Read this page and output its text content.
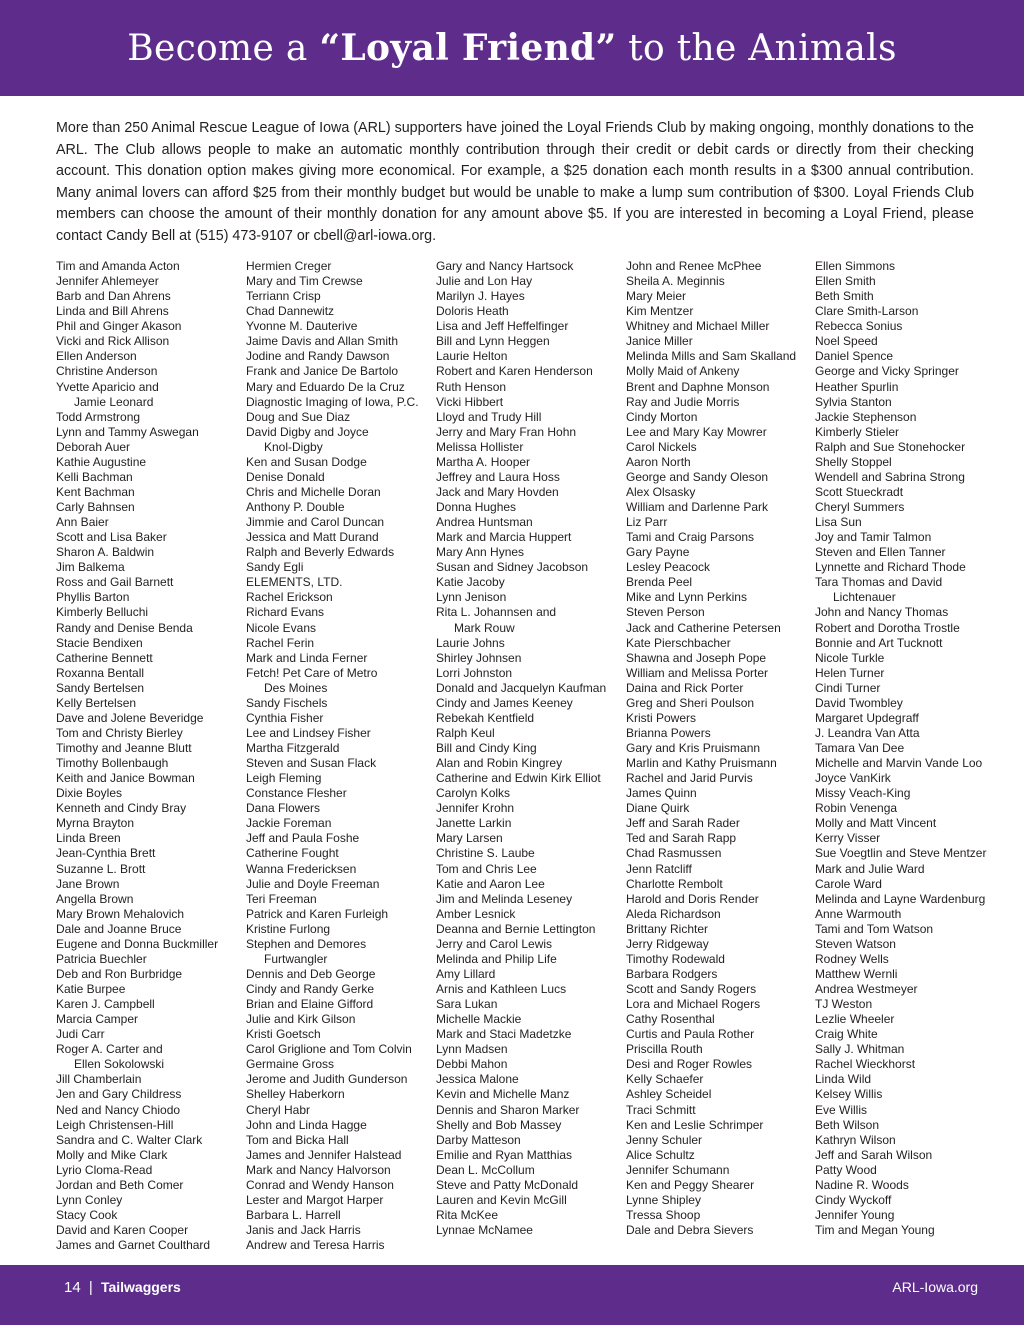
Become a “Loyal Friend” to the Animals
More than 250 Animal Rescue League of Iowa (ARL) supporters have joined the Loyal Friends Club by making ongoing, monthly donations to the ARL. The Club allows people to make an automatic monthly contribution through their credit or debit cards or directly from their checking account. This donation option makes giving more economical. For example, a $25 donation each month results in a $300 annual contribution. Many animal lovers can afford $25 from their monthly budget but would be unable to make a lump sum contribution of $300. Loyal Friends Club members can choose the amount of their monthly donation for any amount above $5. If you are interested in becoming a Loyal Friend, please contact Candy Bell at (515) 473-9107 or cbell@arl-iowa.org.
Tim and Amanda Acton
Jennifer Ahlemeyer
Barb and Dan Ahrens
Linda and Bill Ahrens
Phil and Ginger Akason
Vicki and Rick Allison
Ellen Anderson
Christine Anderson
Yvette Aparicio and
Jamie Leonard
Todd Armstrong
Lynn and Tammy Aswegan
Deborah Auer
Kathie Augustine
Kelli Bachman
Kent Bachman
Carly Bahnsen
Ann Baier
Scott and Lisa Baker
Sharon A. Baldwin
Jim Balkema
Ross and Gail Barnett
Phyllis Barton
Kimberly Belluchi
Randy and Denise Benda
Stacie Bendixen
Catherine Bennett
Roxanna Bentall
Sandy Bertelsen
Kelly Bertelsen
Dave and Jolene Beveridge
Tom and Christy Bierley
Timothy and Jeanne Blutt
Timothy Bollenbaugh
Keith and Janice Bowman
Dixie Boyles
Kenneth and Cindy Bray
Myrna Brayton
Linda Breen
Jean-Cynthia Brett
Suzanne L. Brott
Jane Brown
Angella Brown
Mary Brown Mehalovich
Dale and Joanne Bruce
Eugene and Donna Buckmiller
Patricia Buechler
Deb and Ron Burbridge
Katie Burpee
Karen J. Campbell
Marcia Camper
Judi Carr
Roger A. Carter and
Ellen Sokolowski
Jill Chamberlain
Jen and Gary Childress
Ned and Nancy Chiodo
Leigh Christensen-Hill
Sandra and C. Walter Clark
Molly and Mike Clark
Lyrio Cloma-Read
Jordan and Beth Comer
Lynn Conley
Stacy Cook
David and Karen Cooper
James and Garnet Coulthard
Hermien Creger
Mary and Tim Crewse
Terriann Crisp
Chad Dannewitz
Yvonne M. Dauterive
Jaime Davis and Allan Smith
Jodine and Randy Dawson
Frank and Janice De Bartolo
Mary and Eduardo De la Cruz
Diagnostic Imaging of Iowa, P.C.
Doug and Sue Diaz
David Digby and Joyce
Knol-Digby
Ken and Susan Dodge
Denise Donald
Chris and Michelle Doran
Anthony P. Double
Jimmie and Carol Duncan
Jessica and Matt Durand
Ralph and Beverly Edwards
Sandy Egli
ELEMENTS, LTD.
Rachel Erickson
Richard Evans
Nicole Evans
Rachel Ferin
Mark and Linda Ferner
Fetch! Pet Care of Metro
Des Moines
Sandy Fischels
Cynthia Fisher
Lee and Lindsey Fisher
Martha Fitzgerald
Steven and Susan Flack
Leigh Fleming
Constance Flesher
Dana Flowers
Jackie Foreman
Jeff and Paula Foshe
Catherine Fought
Wanna Fredericksen
Julie and Doyle Freeman
Teri Freeman
Patrick and Karen Furleigh
Kristine Furlong
Stephen and Demores
Furtwangler
Dennis and Deb George
Cindy and Randy Gerke
Brian and Elaine Gifford
Julie and Kirk Gilson
Kristi Goetsch
Carol Griglione and Tom Colvin
Germaine Gross
Jerome and Judith Gunderson
Shelley Haberkorn
Cheryl Habr
John and Linda Hagge
Tom and Bicka Hall
James and Jennifer Halstead
Mark and Nancy Halvorson
Conrad and Wendy Hanson
Lester and Margot Harper
Barbara L. Harrell
Janis and Jack Harris
Andrew and Teresa Harris
Gary and Nancy Hartsock
Julie and Lon Hay
Marilyn J. Hayes
Doloris Heath
Lisa and Jeff Heffelfinger
Bill and Lynn Heggen
Laurie Helton
Robert and Karen Henderson
Ruth Henson
Vicki Hibbert
Lloyd and Trudy Hill
Jerry and Mary Fran Hohn
Melissa Hollister
Martha A. Hooper
Jeffrey and Laura Hoss
Jack and Mary Hovden
Donna Hughes
Andrea Huntsman
Mark and Marcia Huppert
Mary Ann Hynes
Susan and Sidney Jacobson
Katie Jacoby
Lynn Jenison
Rita L. Johannsen and
Mark Rouw
Laurie Johns
Shirley Johnsen
Lorri Johnston
Donald and Jacquelyn Kaufman
Cindy and James Keeney
Rebekah Kentfield
Ralph Keul
Bill and Cindy King
Alan and Robin Kingrey
Catherine and Edwin Kirk Elliot
Carolyn Kolks
Jennifer Krohn
Janette Larkin
Mary Larsen
Christine S. Laube
Tom and Chris Lee
Katie and Aaron Lee
Jim and Melinda Leseney
Amber Lesnick
Deanna and Bernie Lettington
Jerry and Carol Lewis
Melinda and Philip Life
Amy Lillard
Arnis and Kathleen Lucs
Sara Lukan
Michelle Mackie
Mark and Staci Madetzke
Lynn Madsen
Debbi Mahon
Jessica Malone
Kevin and Michelle Manz
Dennis and Sharon Marker
Shelly and Bob Massey
Darby Matteson
Emilie and Ryan Matthias
Dean L. McCollum
Steve and Patty McDonald
Lauren and Kevin McGill
Rita McKee
Lynnae McNamee
John and Renee McPhee
Sheila A. Meginnis
Mary Meier
Kim Mentzer
Whitney and Michael Miller
Janice Miller
Melinda Mills and Sam Skalland
Molly Maid of Ankeny
Brent and Daphne Monson
Ray and Judie Morris
Cindy Morton
Lee and Mary Kay Mowrer
Carol Nickels
Aaron North
George and Sandy Oleson
Alex Olsasky
William and Darlenne Park
Liz Parr
Tami and Craig Parsons
Gary Payne
Lesley Peacock
Brenda Peel
Mike and Lynn Perkins
Steven Person
Jack and Catherine Petersen
Kate Pierschbacher
Shawna and Joseph Pope
William and Melissa Porter
Daina and Rick Porter
Greg and Sheri Poulson
Kristi Powers
Brianna Powers
Gary and Kris Pruismann
Marlin and Kathy Pruismann
Rachel and Jarid Purvis
James Quinn
Diane Quirk
Jeff and Sarah Rader
Ted and Sarah Rapp
Chad Rasmussen
Jenn Ratcliff
Charlotte Rembolt
Harold and Doris Render
Aleda Richardson
Brittany Richter
Jerry Ridgeway
Timothy Rodewald
Barbara Rodgers
Scott and Sandy Rogers
Lora and Michael Rogers
Cathy Rosenthal
Curtis and Paula Rother
Priscilla Routh
Desi and Roger Rowles
Kelly Schaefer
Ashley Scheidel
Traci Schmitt
Ken and Leslie Schrimper
Jenny Schuler
Alice Schultz
Jennifer Schumann
Ken and Peggy Shearer
Lynne Shipley
Tressa Shoop
Dale and Debra Sievers
Ellen Simmons
Ellen Smith
Beth Smith
Clare Smith-Larson
Rebecca Sonius
Noel Speed
Daniel Spence
George and Vicky Springer
Heather Spurlin
Sylvia Stanton
Jackie Stephenson
Kimberly Stieler
Ralph and Sue Stonehocker
Shelly Stoppel
Wendell and Sabrina Strong
Scott Stueckradt
Cheryl Summers
Lisa Sun
Joy and Tamir Talmon
Steven and Ellen Tanner
Lynnette and Richard Thode
Tara Thomas and David
Lichtenauer
John and Nancy Thomas
Robert and Dorotha Trostle
Bonnie and Art Tucknott
Nicole Turkle
Helen Turner
Cindi Turner
David Twombley
Margaret Updegraff
J. Leandra Van Atta
Tamara Van Dee
Michelle and Marvin Vande Loo
Joyce VanKirk
Missy Veach-King
Robin Venenga
Molly and Matt Vincent
Kerry Visser
Sue Voegtlin and Steve Mentzer
Mark and Julie Ward
Carole Ward
Melinda and Layne Wardenburg
Anne Warmouth
Tami and Tom Watson
Steven Watson
Rodney Wells
Matthew Wernli
Andrea Westmeyer
TJ Weston
Lezlie Wheeler
Craig White
Sally J. Whitman
Rachel Wieckhorst
Linda Wild
Kelsey Willis
Eve Willis
Beth Wilson
Kathryn Wilson
Jeff and Sarah Wilson
Patty Wood
Nadine R. Woods
Cindy Wyckoff
Jennifer Young
Tim and Megan Young
14 | Tailwaggers	ARL-Iowa.org
